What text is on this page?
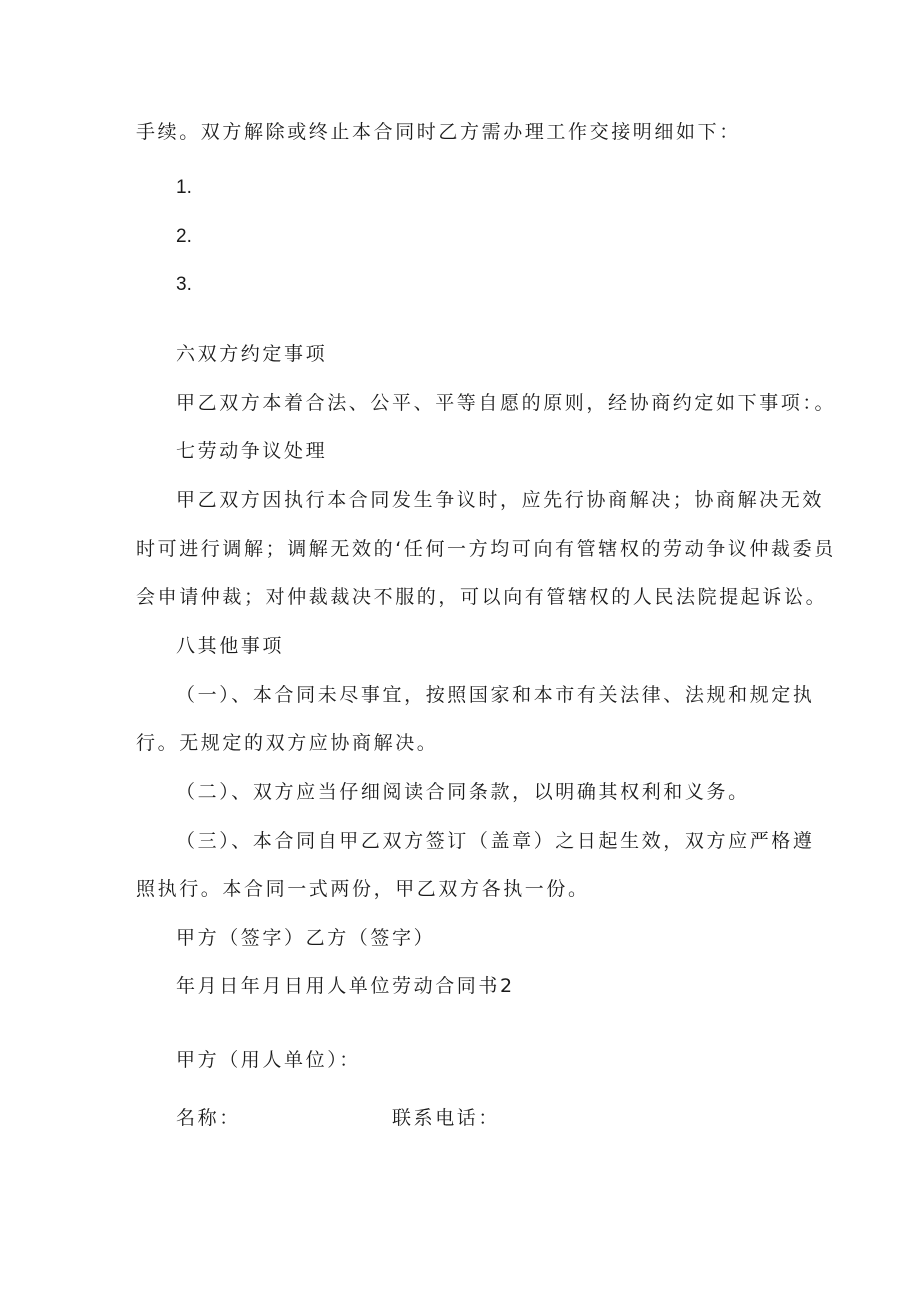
手续。双方解除或终止本合同时乙方需办理工作交接明细如下：
1.
2.
3.
六双方约定事项
甲乙双方本着合法、公平、平等自愿的原则，经协商约定如下事项：。
七劳动争议处理
甲乙双方因执行本合同发生争议时，应先行协商解决；协商解决无效
时可进行调解；调解无效的‘任何一方均可向有管辖权的劳动争议仲裁委员
会申请仲裁；对仲裁裁决不服的，可以向有管辖权的人民法院提起诉讼。
八其他事项
（一）、本合同未尽事宜，按照国家和本市有关法律、法规和规定执
行。无规定的双方应协商解决。
（二）、双方应当仔细阅读合同条款，以明确其权利和义务。
（三）、本合同自甲乙双方签订（盖章）之日起生效，双方应严格遵
照执行。本合同一式两份，甲乙双方各执一份。
甲方（签字）乙方（签字）
年月日年月日用人单位劳动合同书2
甲方（用人单位）：
名称：	联系电话：
